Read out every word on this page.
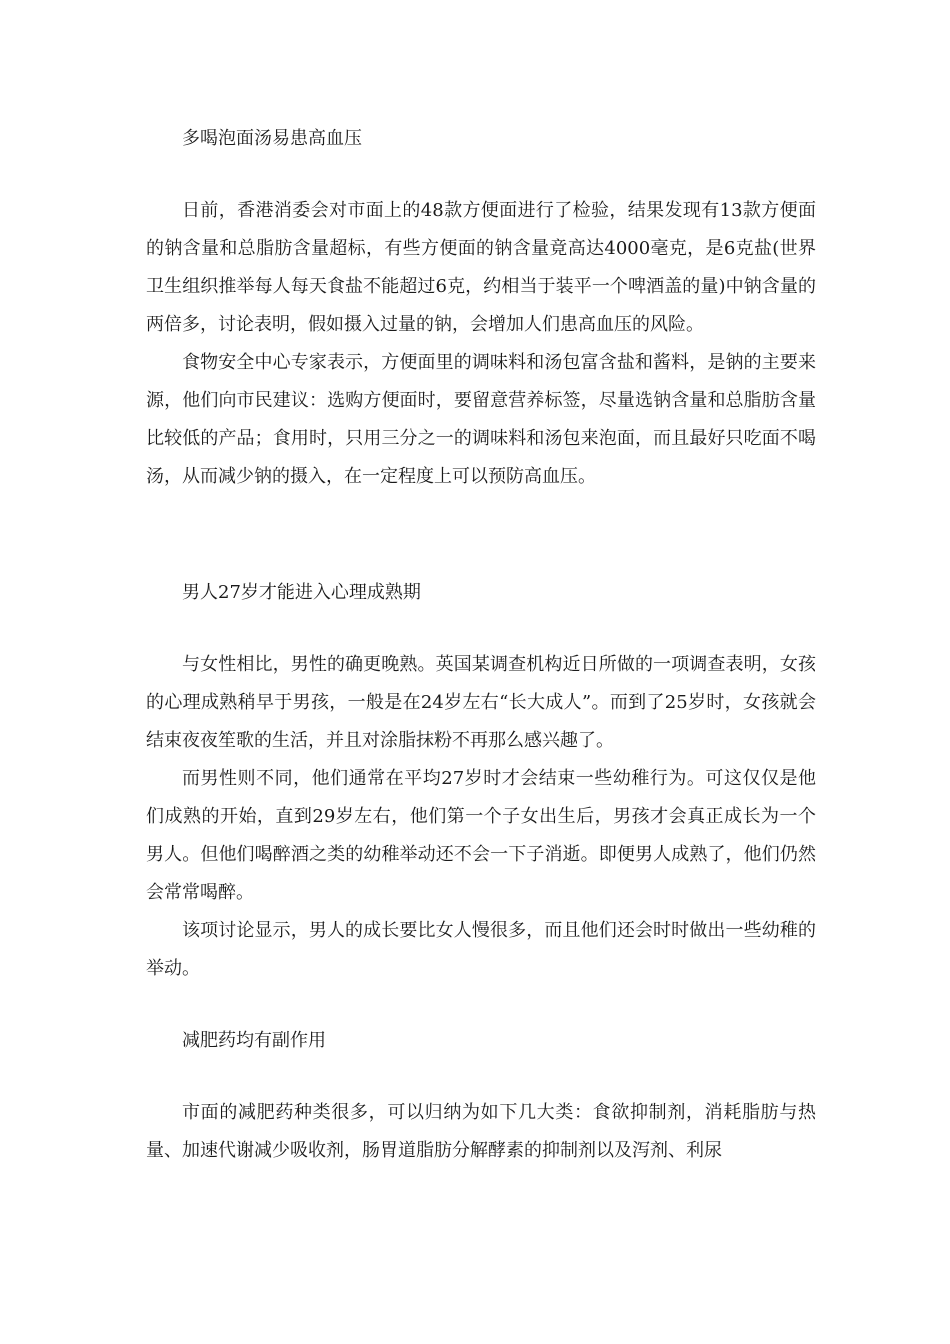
多喝泡面汤易患高血压

日前，香港消委会对市面上的48款方便面进行了检验，结果发现有13款方便面的钠含量和总脂肪含量超标，有些方便面的钠含量竟高达4000毫克，是6克盐(世界卫生组织推举每人每天食盐不能超过6克，约相当于装平一个啤酒盖的量)中钠含量的两倍多，讨论表明，假如摄入过量的钠，会增加人们患高血压的风险。

食物安全中心专家表示，方便面里的调味料和汤包富含盐和酱料，是钠的主要来源，他们向市民建议：选购方便面时，要留意营养标签，尽量选钠含量和总脂肪含量比较低的产品；食用时，只用三分之一的调味料和汤包来泡面，而且最好只吃面不喝汤，从而减少钠的摄入，在一定程度上可以预防高血压。

男人27岁才能进入心理成熟期

与女性相比，男性的确更晚熟。英国某调查机构近日所做的一项调查表明，女孩的心理成熟稍早于男孩，一般是在24岁左右“长大成人”。而到了25岁时，女孩就会结束夜夜笙歌的生活，并且对涂脂抹粉不再那么感兴趣了。

而男性则不同，他们通常在平均27岁时才会结束一些幼稚行为。可这仅仅是他们成熟的开始，直到29岁左右，他们第一个子女出生后，男孩才会真正成长为一个男人。但他们喝醉酒之类的幼稚举动还不会一下子消逝。即便男人成熟了，他们仍然会常常喝醉。

该项讨论显示，男人的成长要比女人慢很多，而且他们还会时时做出一些幼稚的举动。

减肥药均有副作用

市面的减肥药种类很多，可以归纳为如下几大类：食欲抑制剂，消耗脂肪与热量、加速代谢减少吸收剂，肠胃道脂肪分解酵素的抑制剂以及泻剂、利尿
